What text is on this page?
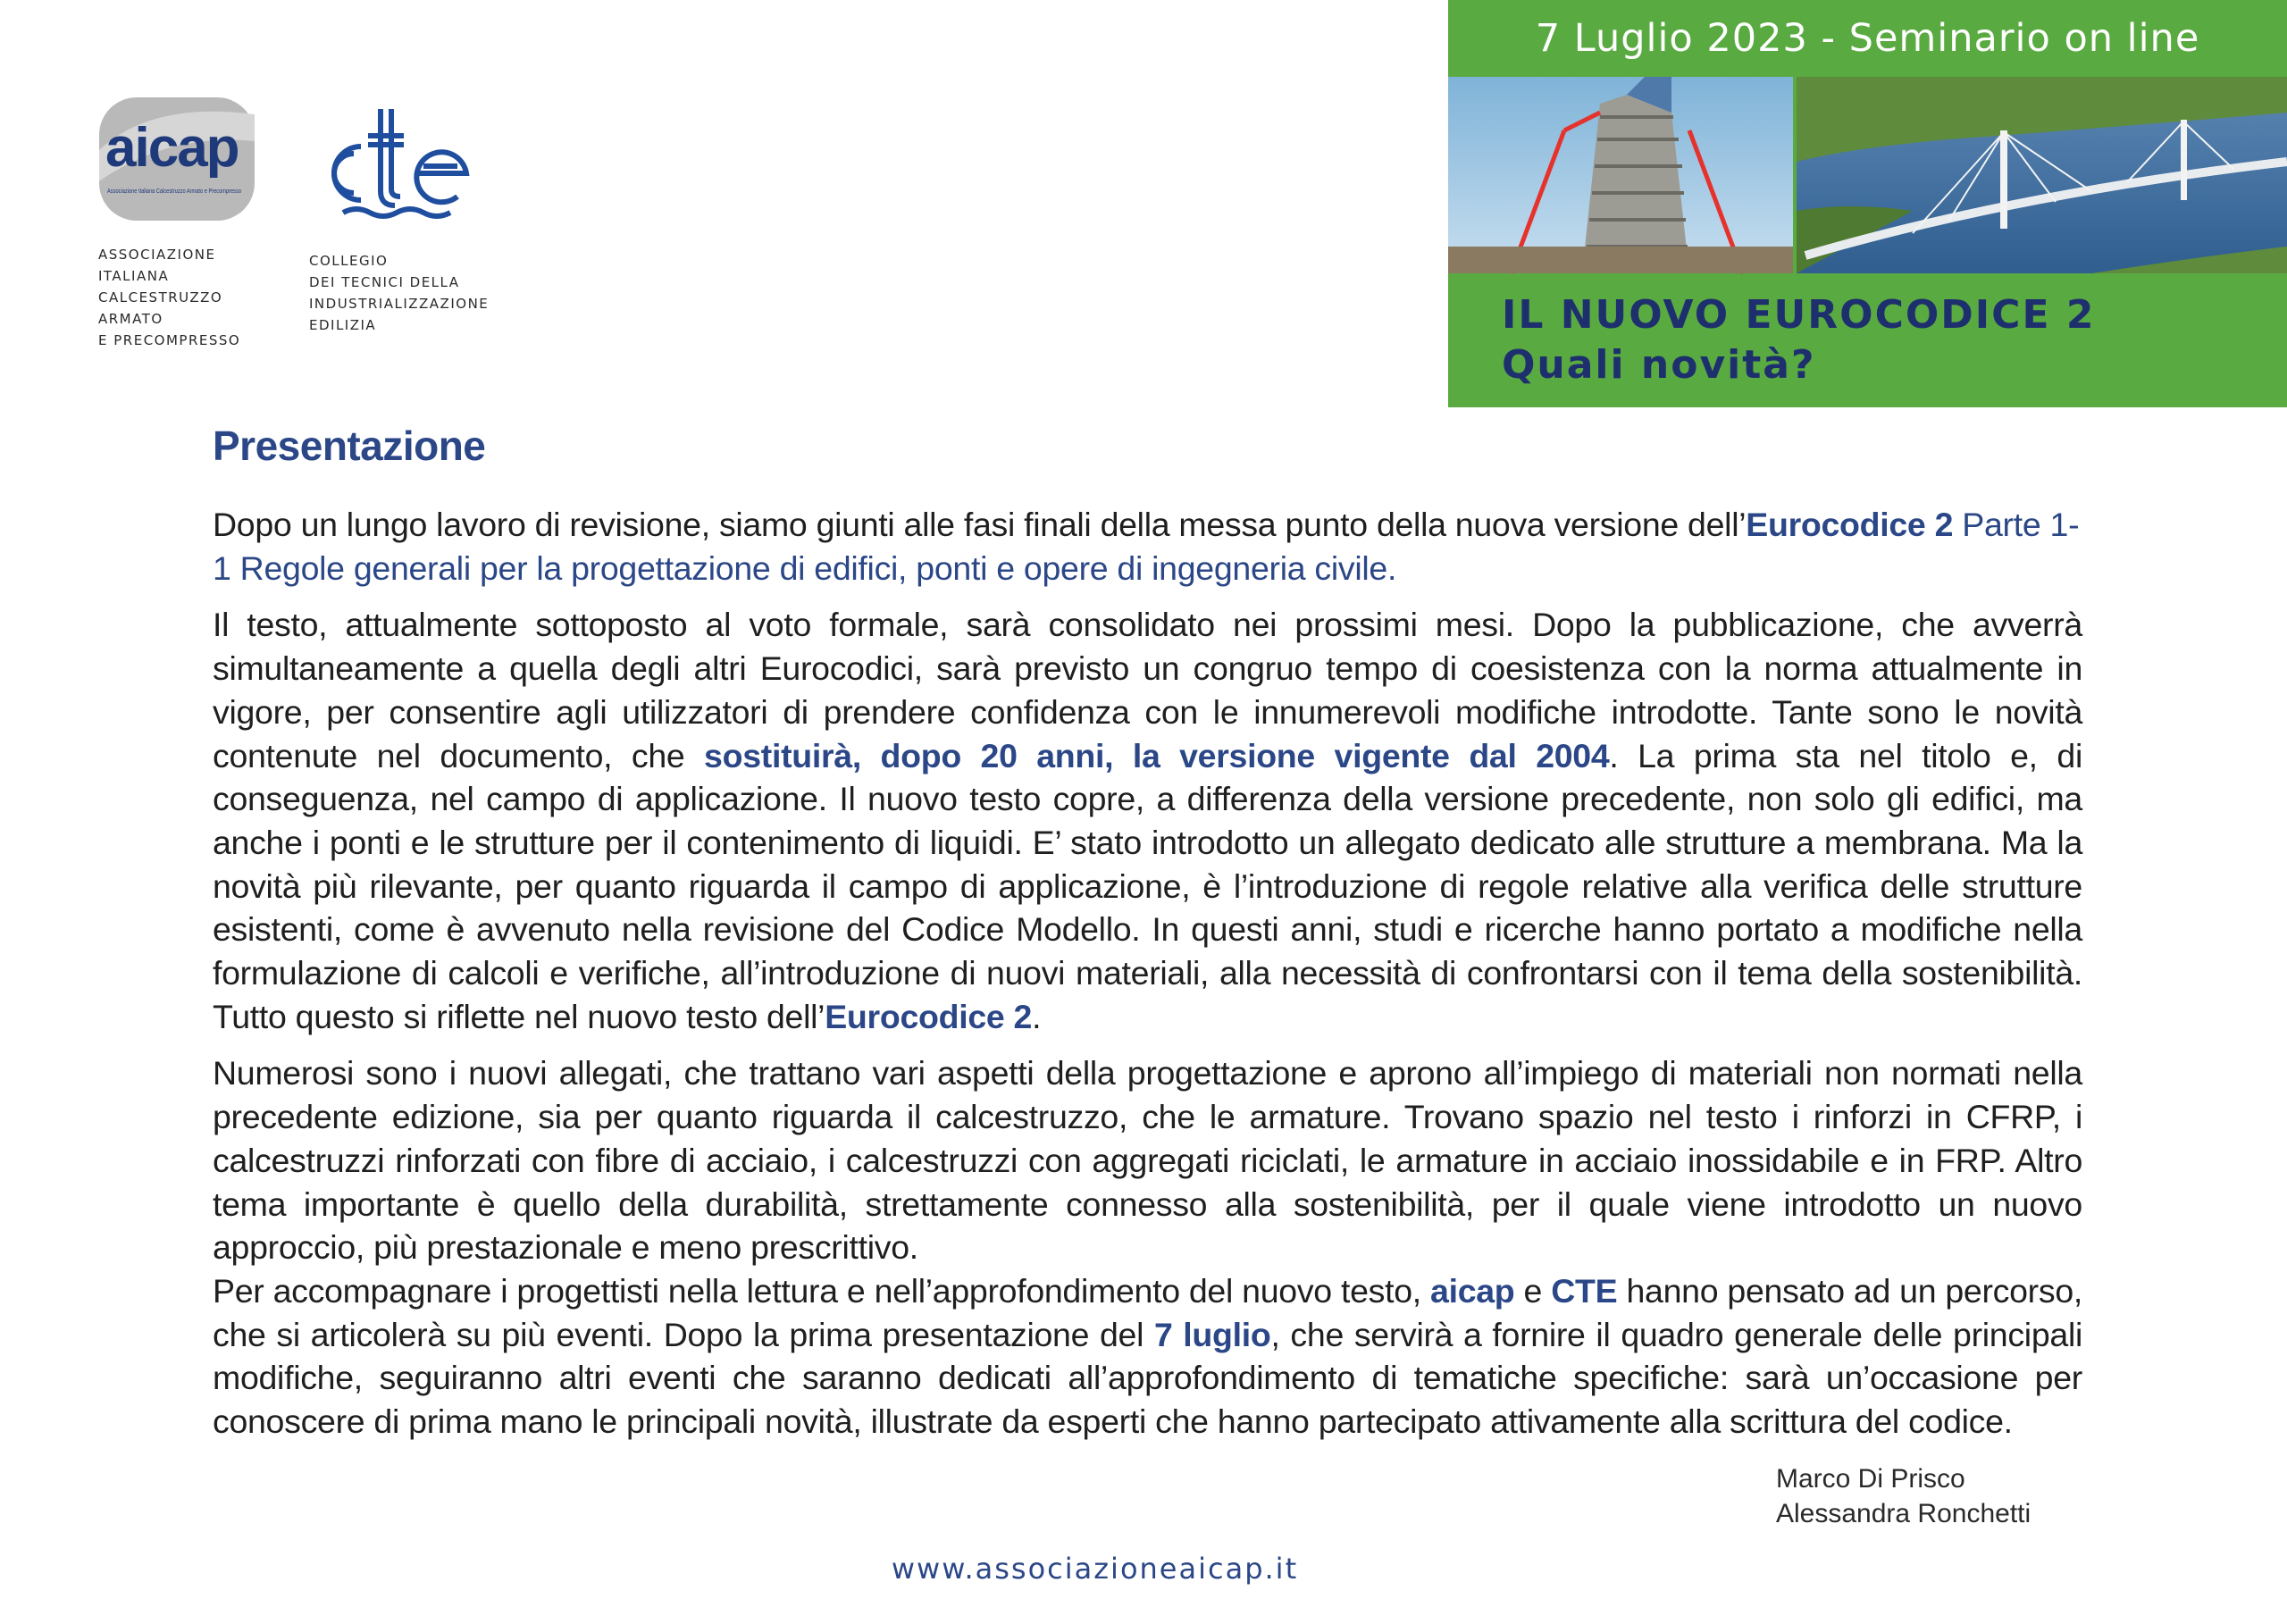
aicap
Associazione Italiana Calcestruzzo Armato e Precompresso
ASSOCIAZIONE
ITALIANA
CALCESTRUZZO
ARMATO
E PRECOMPRESSO
cte
COLLEGIO
DEI TECNICI DELLA
INDUSTRIALIZZAZIONE
EDILIZIA
7 Luglio 2023 - Seminario on line
IL NUOVO EUROCODICE 2
Quali novità?
Presentazione

Dopo un lungo lavoro di revisione, siamo giunti alle fasi finali della messa punto della nuova versione dell’Eurocodice 2 Parte 1-1 Regole generali per la progettazione di edifici, ponti e opere di ingegneria civile.

Il testo, attualmente sottoposto al voto formale, sarà consolidato nei prossimi mesi. Dopo la pubblicazione, che avverrà simultaneamente a quella degli altri Eurocodici, sarà previsto un congruo tempo di coesistenza con la norma attualmente in vigore, per consentire agli utilizzatori di prendere confidenza con le innumerevoli modifiche introdotte. Tante sono le novità contenute nel documento, che sostituirà, dopo 20 anni, la versione vigente dal 2004. La prima sta nel titolo e, di conseguenza, nel campo di applicazione. Il nuovo testo copre, a differenza della versione precedente, non solo gli edifici, ma anche i ponti e le strutture per il contenimento di liquidi. E’ stato introdotto un allegato dedicato alle strutture a membrana. Ma la novità più rilevante, per quanto riguarda il campo di applicazione, è l’introduzione di regole relative alla verifica delle strutture esistenti, come è avvenuto nella revisione del Codice Modello. In questi anni, studi e ricerche hanno portato a modifiche nella formulazione di calcoli e verifiche, all’introduzione di nuovi materiali, alla necessità di confrontarsi con il tema della sostenibilità. Tutto questo si riflette nel nuovo testo dell’Eurocodice 2.

Numerosi sono i nuovi allegati, che trattano vari aspetti della progettazione e aprono all’impiego di materiali non normati nella precedente edizione, sia per quanto riguarda il calcestruzzo, che le armature. Trovano spazio nel testo i rinforzi in CFRP, i calcestruzzi rinforzati con fibre di acciaio, i calcestruzzi con aggregati riciclati, le armature in acciaio inossidabile e in FRP. Altro tema importante è quello della durabilità, strettamente connesso alla sostenibilità, per il quale viene introdotto un nuovo approccio, più prestazionale e meno prescrittivo.

Per accompagnare i progettisti nella lettura e nell’approfondimento del nuovo testo, aicap e CTE hanno pensato ad un percorso, che si articolerà su più eventi. Dopo la prima presentazione del 7 luglio, che servirà a fornire il quadro generale delle principali modifiche, seguiranno altri eventi che saranno dedicati all’approfondimento di tematiche specifiche: sarà un’occasione per conoscere di prima mano le principali novità, illustrate da esperti che hanno partecipato attivamente alla scrittura del codice.

Marco Di Prisco
Alessandra Ronchetti
www.associazioneaicap.it
